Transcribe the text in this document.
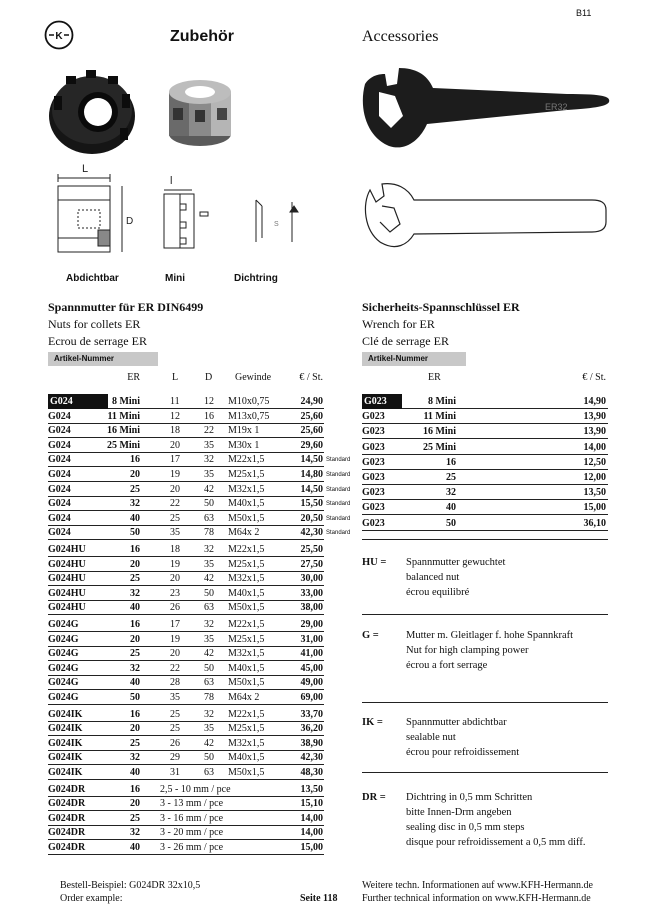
B11
K	Zubehör	Accessories
ER32
L
D
l
S
Abdichtbar	Mini	Dichtring
Spannmutter für ER DIN6499
Nuts for collets ER
Ecrou de serrage ER
Sicherheits-Spannschlüssel ER
Wrench for ER
Clé de serrage ER
Artikel-Nummer	Artikel-Nummer
ER	L	D Gewinde	€ / St.	ER	€ / St.
G024	8 Mini	11	12	M10x0,75	24,90
G024	11 Mini	12	16	M13x0,75	25,60
G024	16 Mini	18	22	M19x 1	25,60
G024	25 Mini	20	35	M30x 1	29,60
G024	16	17	32	M22x1,5	14,50 Standard
G024	20	19	35	M25x1,5	14,80 Standard
G024	25	20	42	M32x1,5	14,50 Standard
G024	32	22	50	M40x1,5	15,50 Standard
G024	40	25	63	M50x1,5	20,50 Standard
G024	50	35	78	M64x 2	42,30 Standard
G024HU	16	18	32	M22x1,5	25,50
G024HU	20	19	35	M25x1,5	27,50
G024HU	25	20	42	M32x1,5	30,00
G024HU	32	23	50	M40x1,5	33,00
G024HU	40	26	63	M50x1,5	38,00
G024G	16	17	32	M22x1,5	29,00
G024G	20	19	35	M25x1,5	31,00
G024G	25	20	42	M32x1,5	41,00
G024G	32	22	50	M40x1,5	45,00
G024G	40	28	63	M50x1,5	49,00
G024G	50	35	78	M64x 2	69,00
G024IK	16	25	32	M22x1,5	33,70
G024IK	20	25	35	M25x1,5	36,20
G024IK	25	26	42	M32x1,5	38,90
G024IK	32	29	50	M40x1,5	42,30
G024IK	40	31	63	M50x1,5	48,30
G024DR	16 2,5 - 10 mm / pce	13,50
G024DR	20 3 - 13 mm / pce	15,10
G024DR	25 3 - 16 mm / pce	14,00
G024DR	32 3 - 20 mm / pce	14,00
G024DR	40 3 - 26 mm / pce	15,00
G023	8 Mini	14,90
G023	11 Mini	13,90
G023	16 Mini	13,90
G023	25 Mini	14,00
G023	16	12,50
G023	25	12,00
G023	32	13,50
G023	40	15,00
G023	50	36,10
HU = Spannmutter gewuchtet
balanced nut
écrou equilibré
G =	Mutter m. Gleitlager f. hohe Spannkraft
Nut for high clamping power
écrou a fort serrage
IK = Spannmutter abdichtbar
sealable nut
écrou pour refroidissement
DR = Dichtring in 0,5 mm Schritten
bitte Innen-Drm angeben
sealing disc in 0,5 mm steps
disque pour refroidissement a 0,5 mm diff.
Bestell-Beispiel: G024DR 32x10,5
Order example:	Seite 118
Weitere techn. Informationen auf www.KFH-Hermann.de
Further technical information on www.KFH-Hermann.de
